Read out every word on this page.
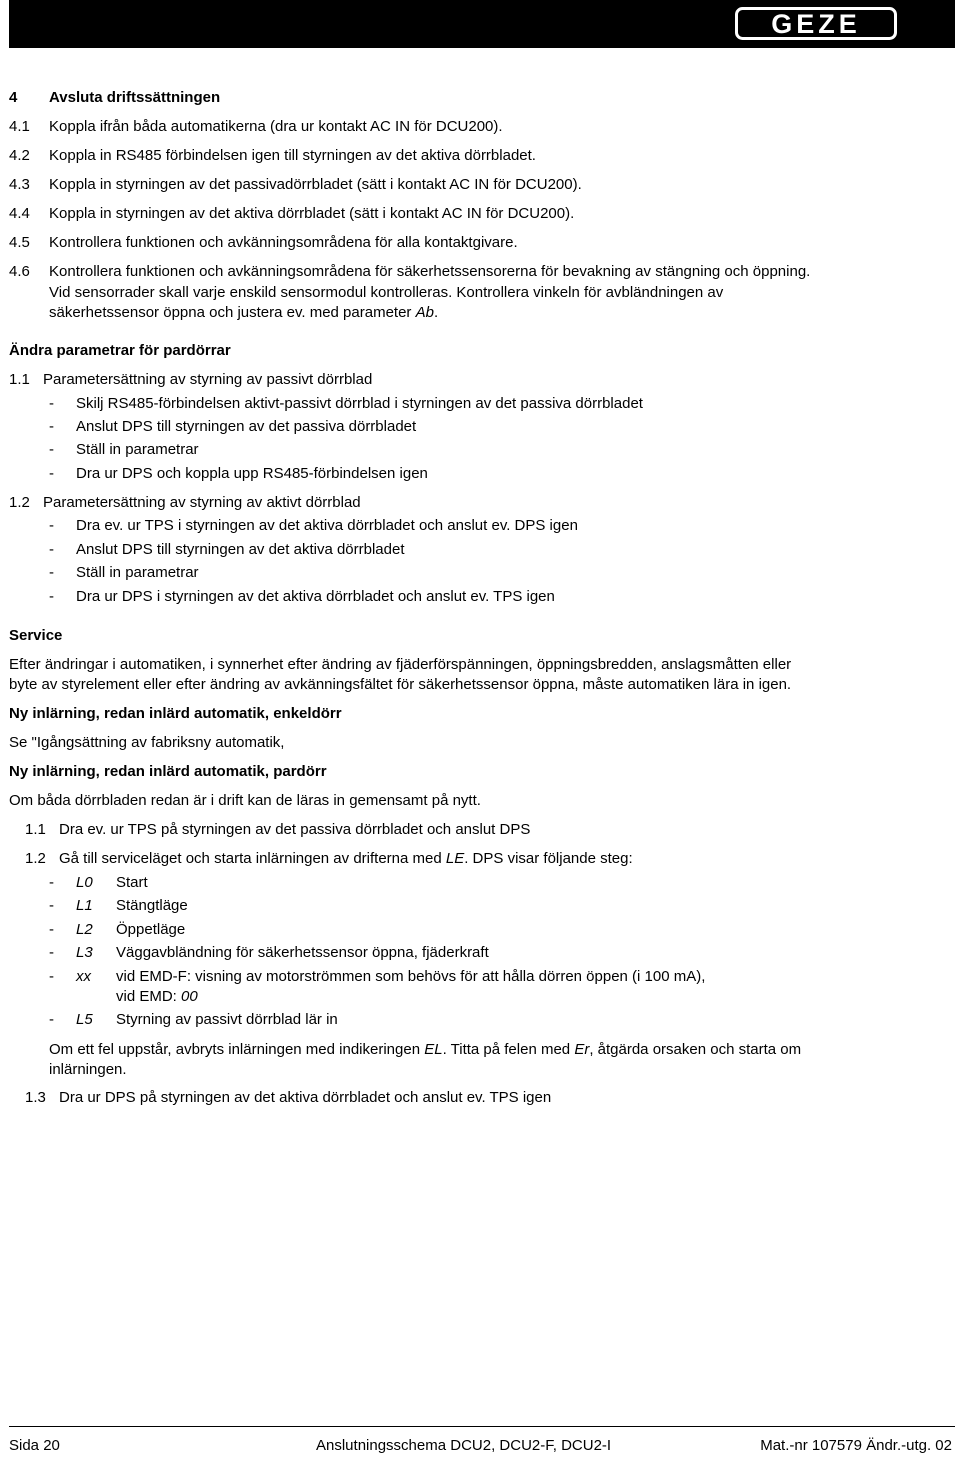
GEZE
4 Avsluta driftssättningen
4.1 Koppla ifrån båda automatikerna (dra ur kontakt AC IN för DCU200).
4.2 Koppla in RS485 förbindelsen igen till styrningen av det aktiva dörrbladet.
4.3 Koppla in styrningen av det passivadörrbladet (sätt i kontakt AC IN för DCU200).
4.4 Koppla in styrningen av det aktiva dörrbladet (sätt i kontakt AC IN för DCU200).
4.5 Kontrollera funktionen och avkänningsområdena för alla kontaktgivare.
4.6 Kontrollera funktionen och avkänningsområdena för säkerhetssensorerna för bevakning av stängning och öppning.
Vid sensorrader skall varje enskild sensormodul kontrolleras. Kontrollera vinkeln för avbländningen av
säkerhetssensor öppna och justera ev. med parameter Ab.
Ändra parametrar för pardörrar
1.1 Parametersättning av styrning av passivt dörrblad
- Skilj RS485-förbindelsen aktivt-passivt dörrblad i styrningen av det passiva dörrbladet
- Anslut DPS till styrningen av det passiva dörrbladet
- Ställ in parametrar
- Dra ur DPS och koppla upp RS485-förbindelsen igen
1.2 Parametersättning av styrning av aktivt dörrblad
- Dra ev. ur TPS i styrningen av det aktiva dörrbladet och anslut ev. DPS igen
- Anslut DPS till styrningen av det aktiva dörrbladet
- Ställ in parametrar
- Dra ur DPS i styrningen av det aktiva dörrbladet och anslut ev. TPS igen
Service
Efter ändringar i automatiken, i synnerhet efter ändring av fjäderförspänningen, öppningsbredden, anslagsmåtten eller
byte av styrelement eller efter ändring av avkänningsfältet för säkerhetssensor öppna, måste automatiken lära in igen.
Ny inlärning, redan inlärd automatik, enkeldörr
Se "Igångsättning av fabriksny automatik,
Ny inlärning, redan inlärd automatik, pardörr
Om båda dörrbladen redan är i drift kan de läras in gemensamt på nytt.
1.1 Dra ev. ur TPS på styrningen av det passiva dörrbladet och anslut DPS
1.2 Gå till serviceläget och starta inlärningen av drifterna med LE. DPS visar följande steg:
- L0 Start
- L1 Stängtläge
- L2 Öppetläge
- L3 Väggavbländning för säkerhetssensor öppna, fjäderkraft
- xx vid EMD-F: visning av motorströmmen som behövs för att hålla dörren öppen (i 100 mA),
- L5 Styrning av passivt dörrblad lär in
vid EMD: 00
Om ett fel uppstår, avbryts inlärningen med indikeringen EL. Titta på felen med Er, åtgärda orsaken och starta om
inlärningen.
1.3 Dra ur DPS på styrningen av det aktiva dörrbladet och anslut ev. TPS igen
Sida 20	Anslutningsschema DCU2, DCU2-F, DCU2-I	Mat.-nr 107579 Ändr.-utg. 02
